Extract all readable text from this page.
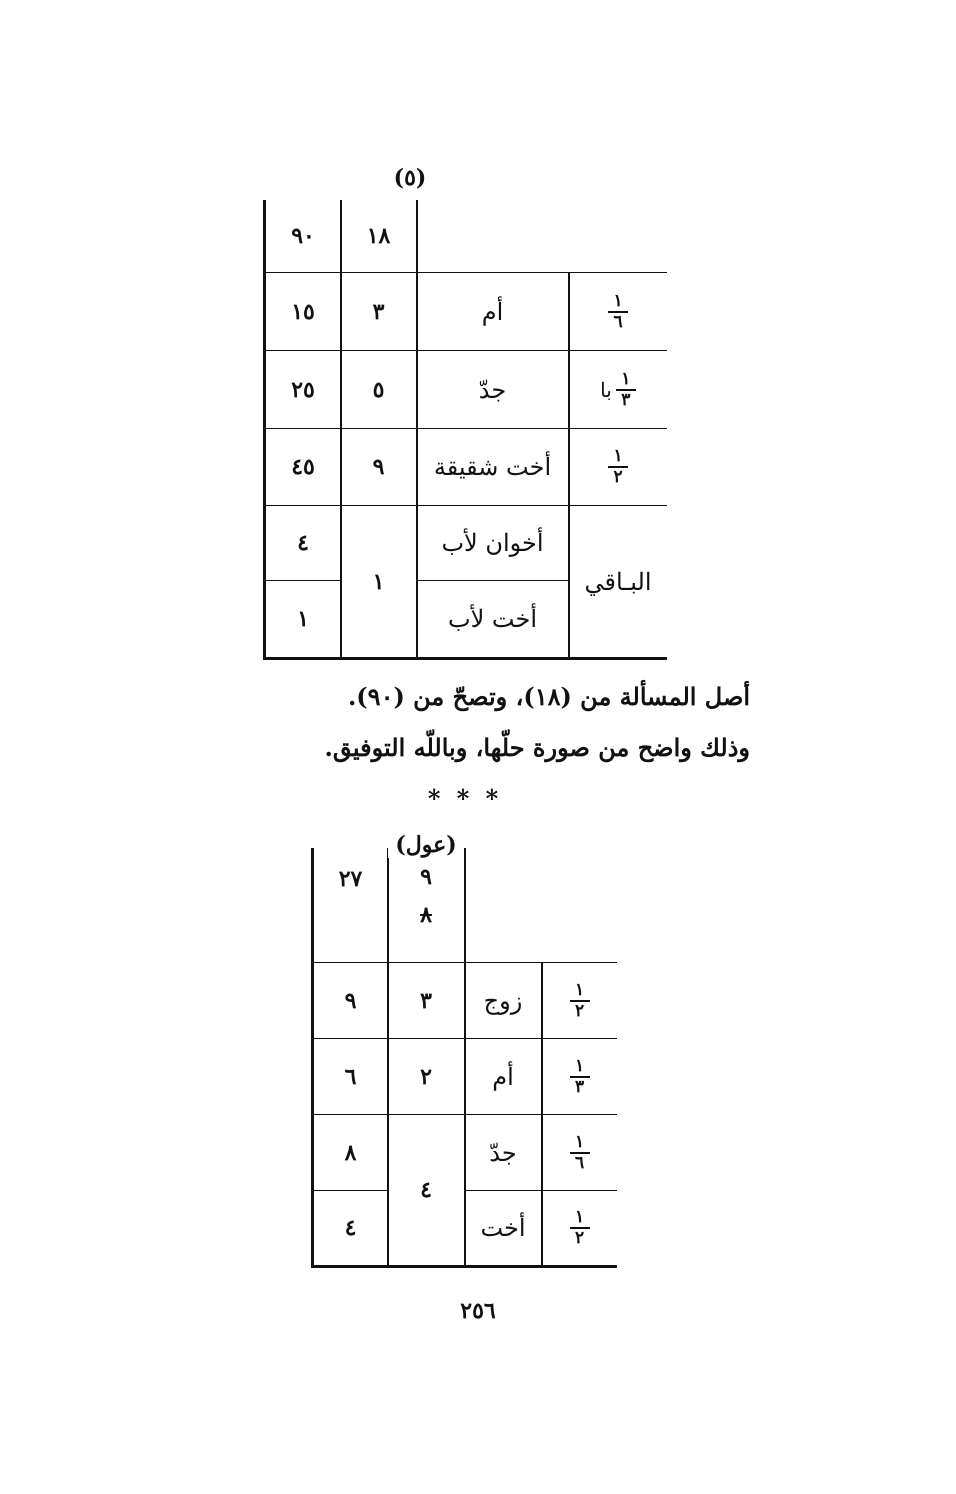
(٥)
١٨
٩٠
$\frac{١}{٦}$
أم
٣
١٥
$\frac{١}{٣}$
با
جدّ
٥
٢٥
$\frac{١}{٢}$
أخت شقيقة
٩
٤٥
البـاقي
أخوان لأب
أخت لأب
١
٤
١
أصل المسألة من (١٨)، وتصحّ من (٩٠).
وذلك واضح من صورة حلّها، وباللّه التوفيق.
* * *
(عول)
٩
٨
٢٧
$\frac{١}{٢}$
زوج
٣
٩
$\frac{١}{٣}$
أم
٢
٦
$\frac{١}{٦}$
جدّ
٨
$\frac{١}{٢}$
أخت
٤
٤
٢٥٦
